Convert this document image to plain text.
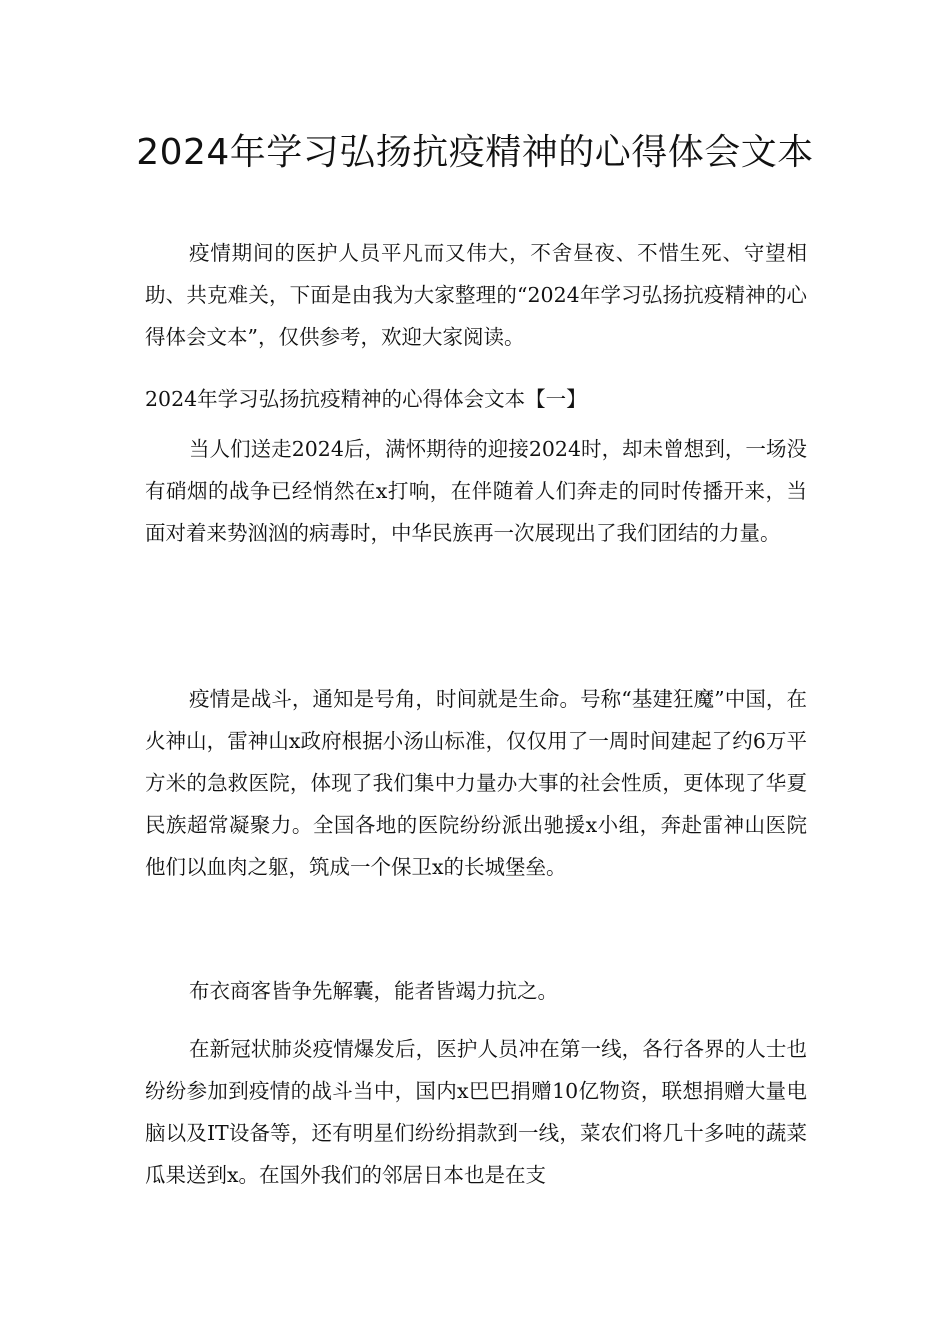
2024年学习弘扬抗疫精神的心得体会文本

疫情期间的医护人员平凡而又伟大，不舍昼夜、不惜生死、守望相助、共克难关，下面是由我为大家整理的“2024年学习弘扬抗疫精神的心得体会文本”，仅供参考，欢迎大家阅读。

2024年学习弘扬抗疫精神的心得体会文本【一】

当人们送走2024后，满怀期待的迎接2024时，却未曾想到，一场没有硝烟的战争已经悄然在x打响，在伴随着人们奔走的同时传播开来，当面对着来势汹汹的病毒时，中华民族再一次展现出了我们团结的力量。

疫情是战斗，通知是号角，时间就是生命。号称“基建狂魔”中国，在火神山，雷神山x政府根据小汤山标准，仅仅用了一周时间建起了约6万平方米的急救医院，体现了我们集中力量办大事的社会性质，更体现了华夏民族超常凝聚力。全国各地的医院纷纷派出驰援x小组，奔赴雷神山医院他们以血肉之躯，筑成一个保卫x的长城堡垒。

布衣商客皆争先解囊，能者皆竭力抗之。

在新冠状肺炎疫情爆发后，医护人员冲在第一线，各行各界的人士也纷纷参加到疫情的战斗当中，国内x巴巴捐赠10亿物资，联想捐赠大量电脑以及IT设备等，还有明星们纷纷捐款到一线，菜农们将几十多吨的蔬菜瓜果送到x。在国外我们的邻居日本也是在支
